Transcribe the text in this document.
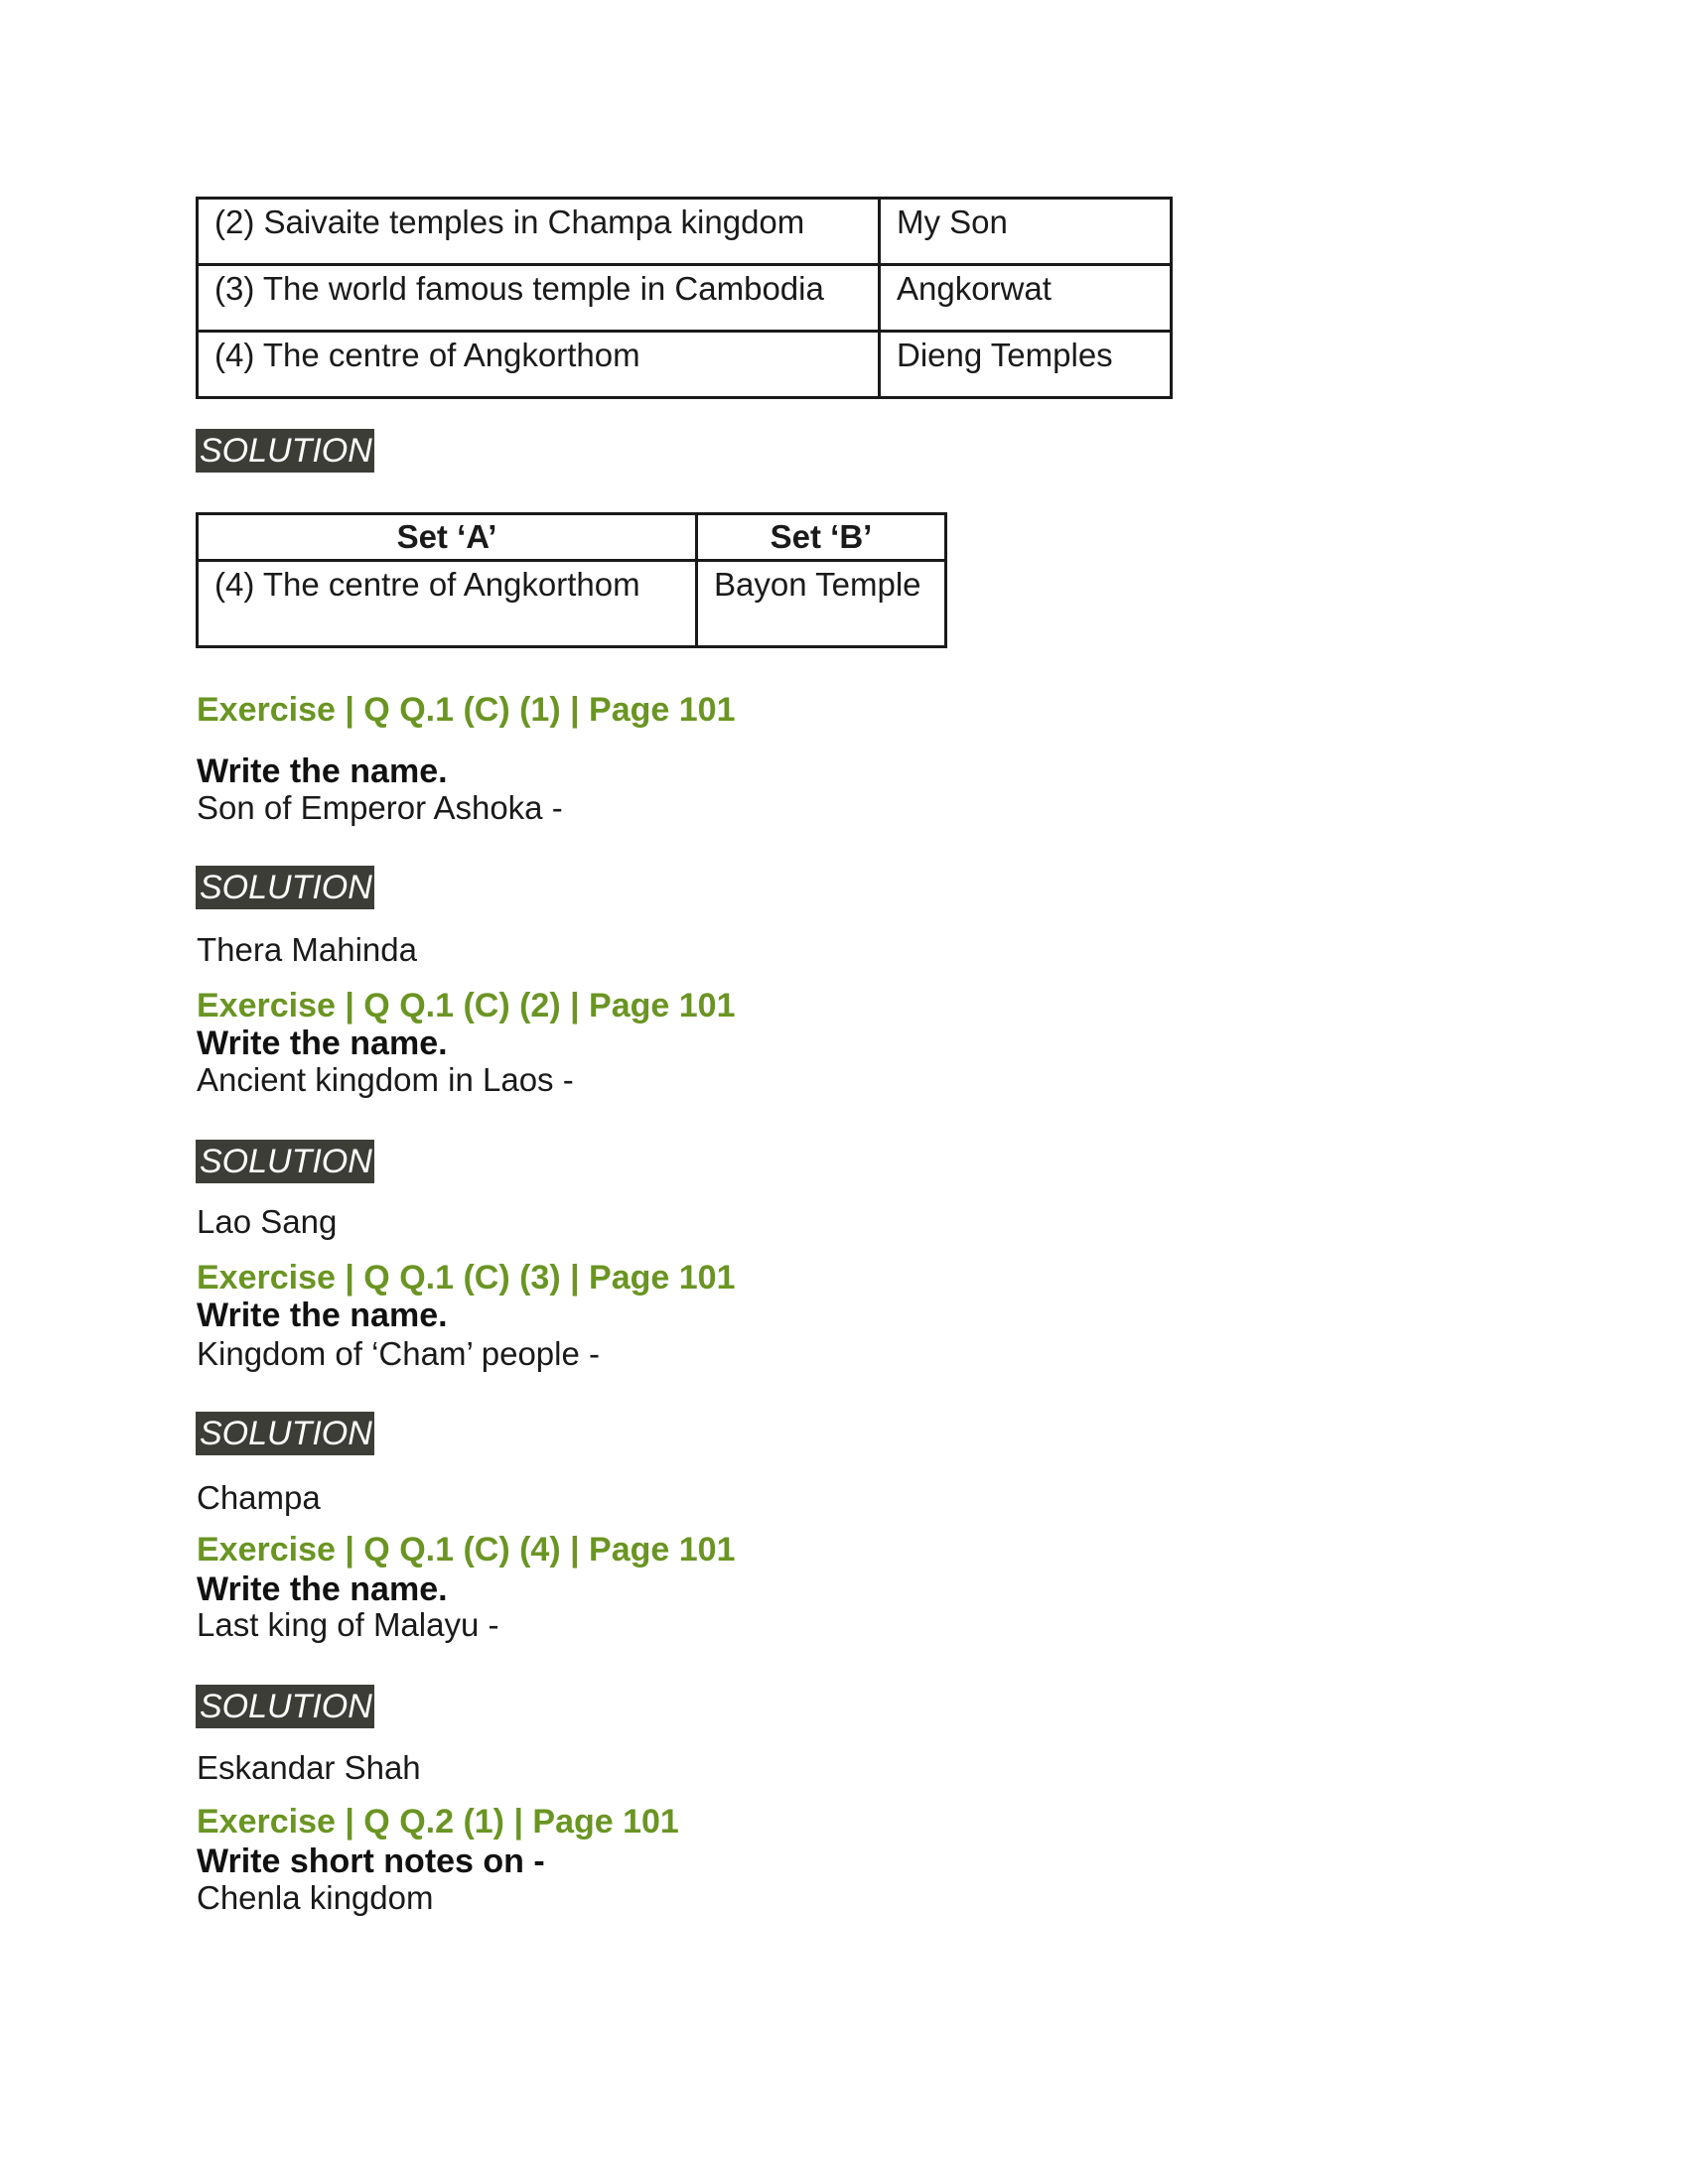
(2) Saivaite temples in Champa kingdom	My Son
(3) The world famous temple in Cambodia	Angkorwat
(4) The centre of Angkorthom	Dieng Temples
SOLUTION
Set ‘A’	Set ‘B’
(4) The centre of Angkorthom	Bayon Temple
Exercise | Q Q.1 (C) (1) | Page 101
Write the name.
Son of Emperor Ashoka -
SOLUTION
Thera Mahinda
Exercise | Q Q.1 (C) (2) | Page 101
Write the name.
Ancient kingdom in Laos -
SOLUTION
Lao Sang
Exercise | Q Q.1 (C) (3) | Page 101
Write the name.
Kingdom of ‘Cham’ people -
SOLUTION
Champa
Exercise | Q Q.1 (C) (4) | Page 101
Write the name.
Last king of Malayu -
SOLUTION
Eskandar Shah
Exercise | Q Q.2 (1) | Page 101
Write short notes on -
Chenla kingdom
